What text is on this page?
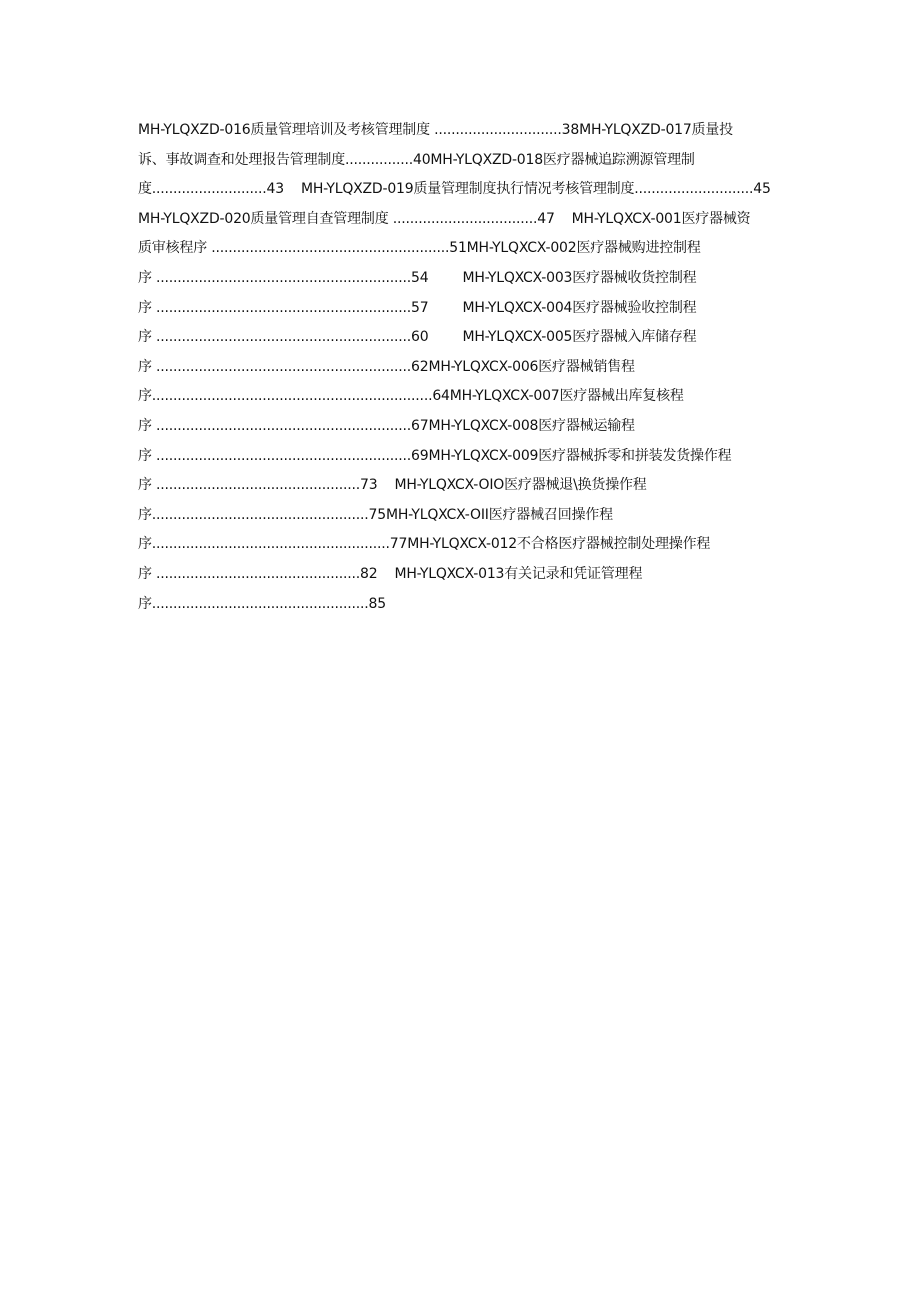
MH-YLQXZD-016质量管理培训及考核管理制度 ..............................38MH-YLQXZD-017质量投
诉、事故调查和处理报告管理制度................40MH-YLQXZD-018医疗器械追踪溯源管理制
度...........................43    MH-YLQXZD-019质量管理制度执行情况考核管理制度............................45
MH-YLQXZD-020质量管理自查管理制度 ..................................47    MH-YLQXCX-001医疗器械资
质审核程序 ........................................................51MH-YLQXCX-002医疗器械购进控制程
序 ............................................................54        MH-YLQXCX-003医疗器械收货控制程
序 ............................................................57        MH-YLQXCX-004医疗器械验收控制程
序 ............................................................60        MH-YLQXCX-005医疗器械入库储存程
序 ............................................................62MH-YLQXCX-006医疗器械销售程
序..................................................................64MH-YLQXCX-007医疗器械出库复核程
序 ............................................................67MH-YLQXCX-008医疗器械运输程
序 ............................................................69MH-YLQXCX-009医疗器械拆零和拼装发货操作程
序 ................................................73    MH-YLQXCX-OIO医疗器械退\换货操作程
序...................................................75MH-YLQXCX-OII医疗器械召回操作程
序........................................................77MH-YLQXCX-012不合格医疗器械控制处理操作程
序 ................................................82    MH-YLQXCX-013有关记录和凭证管理程
序...................................................85
